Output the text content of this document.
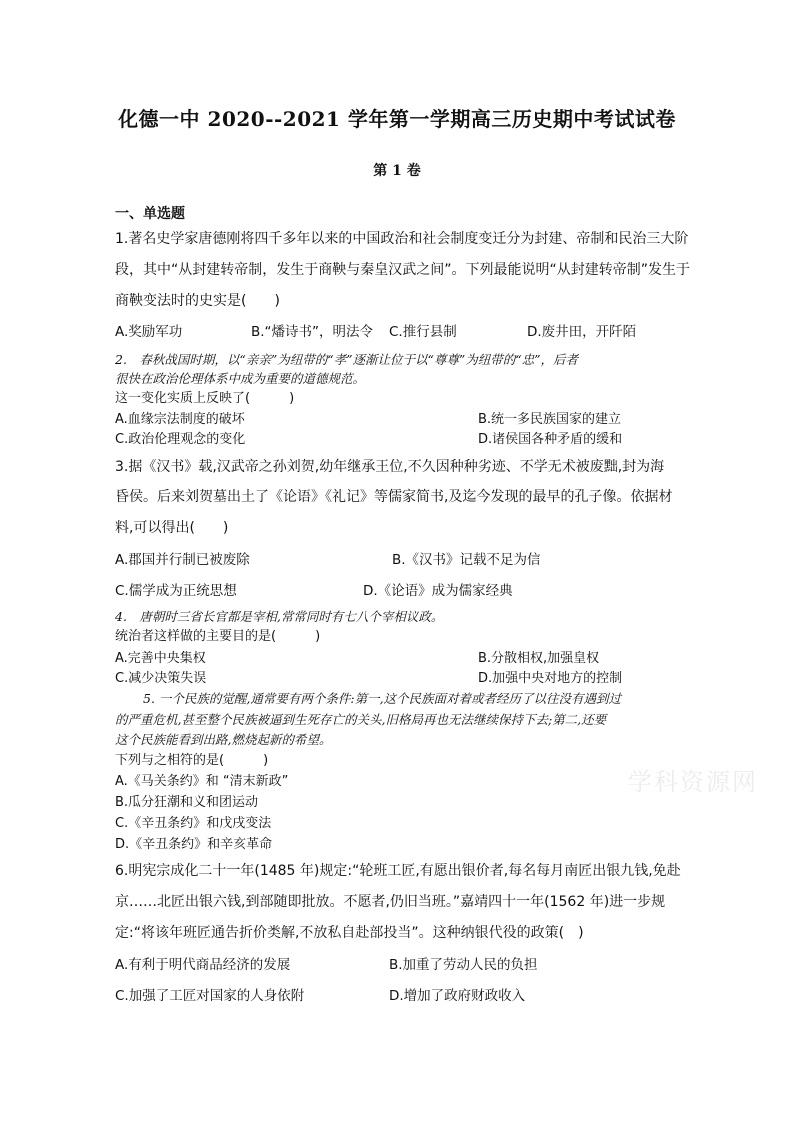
化德一中 2020--2021 学年第一学期高三历史期中考试试卷
第 1 卷
一、单选题
1.著名史学家唐德刚将四千多年以来的中国政治和社会制度变迁分为封建、帝制和民治三大阶
段，其中“从封建转帝制，发生于商鞅与秦皇汉武之间”。下列最能说明“从封建转帝制”发生于
商鞅变法时的史实是(　　)
A.奖励军功	B.“燔诗书”，明法令 C.推行县制	D.废井田，开阡陌
2.　春秋战国时期，以“亲亲”为纽带的“孝”逐渐让位于以“尊尊”为纽带的“忠”，后者
很快在政治伦理体系中成为重要的道德规范。
这一变化实质上反映了(　　　)
A.血缘宗法制度的破坏	B.统一多民族国家的建立
C.政治伦理观念的变化	D.诸侯国各种矛盾的缓和
3.据《汉书》载,汉武帝之孙刘贺,幼年继承王位,不久因种种劣迹、不学无术被废黜,封为海
昏侯。后来刘贺墓出土了《论语》《礼记》等儒家简书,及迄今发现的最早的孔子像。依据材
料,可以得出(　　)
A.郡国并行制已被废除	B.《汉书》记载不足为信
C.儒学成为正统思想	D.《论语》成为儒家经典
4.　唐朝时三省长官都是宰相,常常同时有七八个宰相议政。
统治者这样做的主要目的是(　　　)
A.完善中央集权	B.分散相权,加强皇权
C.减少决策失误	D.加强中央对地方的控制
5. 一个民族的觉醒,通常要有两个条件:第一,这个民族面对着或者经历了以往没有遇到过
的严重危机,甚至整个民族被逼到生死存亡的关头,旧格局再也无法继续保持下去;第二,还要
这个民族能看到出路,燃烧起新的希望。
下列与之相符的是(　　　)
A.《马关条约》和 “清末新政”
B.瓜分狂潮和义和团运动
C.《辛丑条约》和戊戌变法
D.《辛丑条约》和辛亥革命
学科资源网
6.明宪宗成化二十一年(1485 年)规定:“轮班工匠,有愿出银价者,每名每月南匠出银九钱,免赴
京……北匠出银六钱,到部随即批放。不愿者,仍旧当班。”嘉靖四十一年(1562 年)进一步规
定:“将该年班匠通告折价类解,不放私自赴部投当”。这种纳银代役的政策(　)
A.有利于明代商品经济的发展	B.加重了劳动人民的负担
C.加强了工匠对国家的人身依附	D.增加了政府财政收入
